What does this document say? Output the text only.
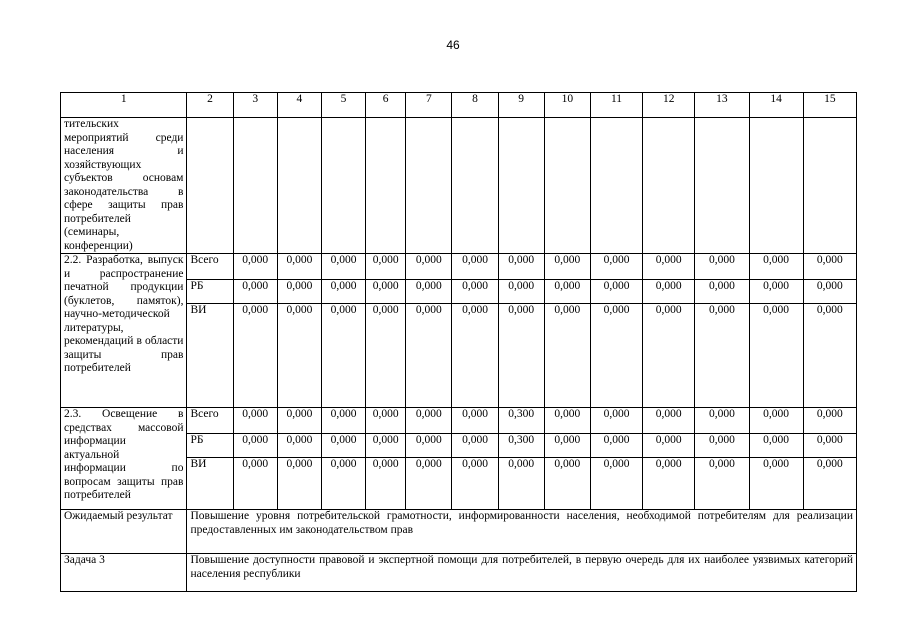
46
1	2	3	4	5	6	7	8	9	10	11	12	13	14	15
тительских мероприятий среди населения и хозяйствующих субъектов основам законодательства в сфере защиты прав потребителей (семинары, конференции)														
2.2. Разработка, выпуск и распространение печатной продукции (буклетов, памяток), научно-методической литературы, рекомендаций в области защиты прав потребителей	Всего	0,000	0,000	0,000	0,000	0,000	0,000	0,000	0,000	0,000	0,000	0,000	0,000	0,000
	РБ	0,000	0,000	0,000	0,000	0,000	0,000	0,000	0,000	0,000	0,000	0,000	0,000	0,000
	ВИ	0,000	0,000	0,000	0,000	0,000	0,000	0,000	0,000	0,000	0,000	0,000	0,000	0,000
2.3. Освещение в средствах массовой информации актуальной информации по вопросам защиты прав потребителей	Всего	0,000	0,000	0,000	0,000	0,000	0,000	0,300	0,000	0,000	0,000	0,000	0,000	0,000
	РБ	0,000	0,000	0,000	0,000	0,000	0,000	0,300	0,000	0,000	0,000	0,000	0,000	0,000
	ВИ	0,000	0,000	0,000	0,000	0,000	0,000	0,000	0,000	0,000	0,000	0,000	0,000	0,000
Ожидаемый результат	Повышение уровня потребительской грамотности, информированности населения, необходимой потребителям для реализации предоставленных им законодательством прав													
Задача 3	Повышение доступности правовой и экспертной помощи для потребителей, в первую очередь для их наиболее уязвимых категорий населения республики													
